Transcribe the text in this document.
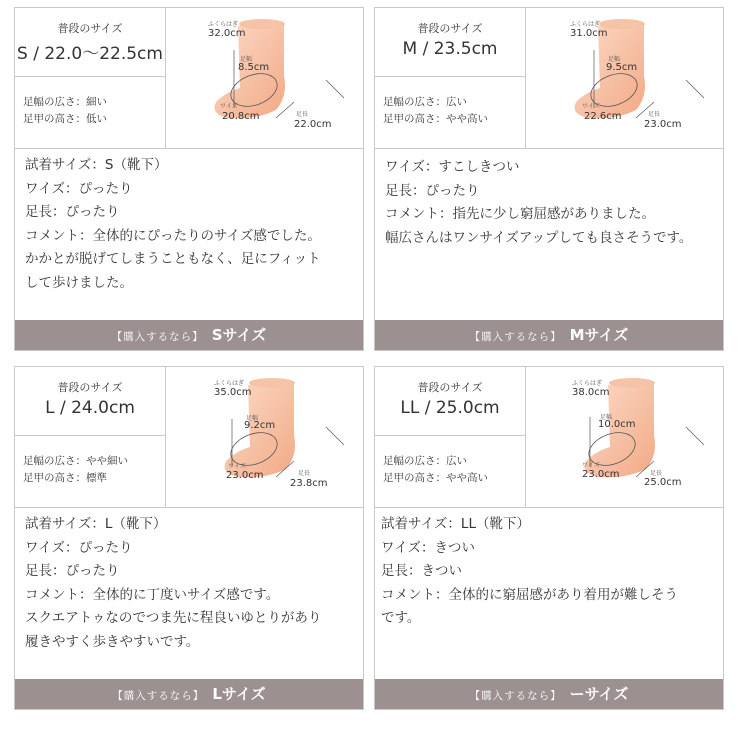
普段のサイズ
S / 22.0〜22.5cm
足幅の広さ：細い
足甲の高さ：低い
ふくらはぎ
32.0cm
足幅
8.5cm
ワイズ
20.8cm	足長
22.0cm
試着サイズ：S（靴下）
ワイズ：ぴったり
足長：ぴったり
コメント：全体的にぴったりのサイズ感でした。
かかとが脱げてしまうこともなく、足にフィット
して歩けました。
【購入するなら】 Sサイズ
普段のサイズ
M / 23.5cm
足幅の広さ：広い
足甲の高さ：やや高い
ふくらはぎ
31.0cm
足幅
9.5cm
ワイズ
22.6cm	足長
23.0cm
ワイズ：すこしきつい
足長：ぴったり
コメント：指先に少し窮屈感がありました。
幅広さんはワンサイズアップしても良さそうです。
【購入するなら】 Mサイズ
普段のサイズ
L / 24.0cm
足幅の広さ：やや細い
足甲の高さ：標準
ふくらはぎ
35.0cm
足幅
9.2cm
ワイズ
23.0cm	足長
23.8cm
試着サイズ：L（靴下）
ワイズ：ぴったり
足長：ぴったり
コメント：全体的に丁度いサイズ感です。
スクエアトゥなのでつま先に程良いゆとりがあり
履きやすく歩きやすいです。
【購入するなら】 Lサイズ
普段のサイズ
LL / 25.0cm
足幅の広さ：広い
足甲の高さ：やや高い
ふくらはぎ
38.0cm
足幅
10.0cm
ワイズ
23.0cm	足長
25.0cm
試着サイズ：LL（靴下）
ワイズ：きつい
足長：きつい
コメント：全体的に窮屈感があり着用が難しそう
です。
【購入するなら】 ーサイズ
